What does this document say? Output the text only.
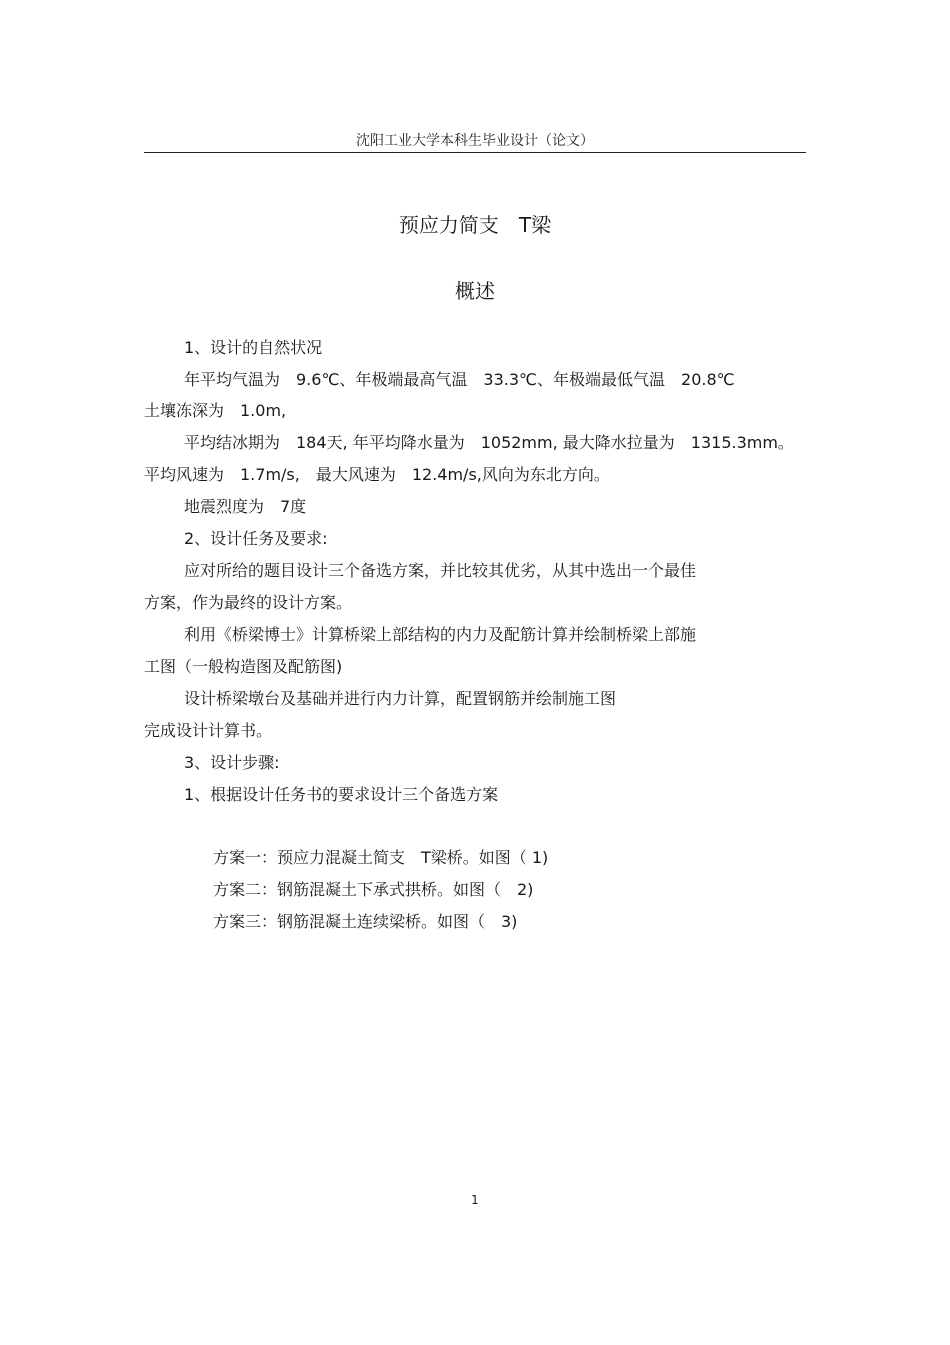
沈阳工业大学本科生毕业设计（论文）
预应力简支　T梁
概述
1、设计的自然状况
年平均气温为　9.6℃、年极端最高气温　33.3℃、年极端最低气温　20.8℃
土壤冻深为　1.0m,
平均结冰期为　184天, 年平均降水量为　1052mm, 最大降水拉量为　1315.3mm。
平均风速为　1.7m/s,　最大风速为　12.4m/s,风向为东北方向。
地震烈度为　7度
2、设计任务及要求:
应对所给的题目设计三个备选方案，并比较其优劣，从其中选出一个最佳
方案，作为最终的设计方案。
利用《桥梁博士》计算桥梁上部结构的内力及配筋计算并绘制桥梁上部施
工图（一般构造图及配筋图)
设计桥梁墩台及基础并进行内力计算，配置钢筋并绘制施工图
完成设计计算书。
3、设计步骤:
1、根据设计任务书的要求设计三个备选方案
方案一：预应力混凝土简支　T梁桥。如图（ 1)
方案二：钢筋混凝土下承式拱桥。如图（　2)
方案三：钢筋混凝土连续梁桥。如图（　3)
1
